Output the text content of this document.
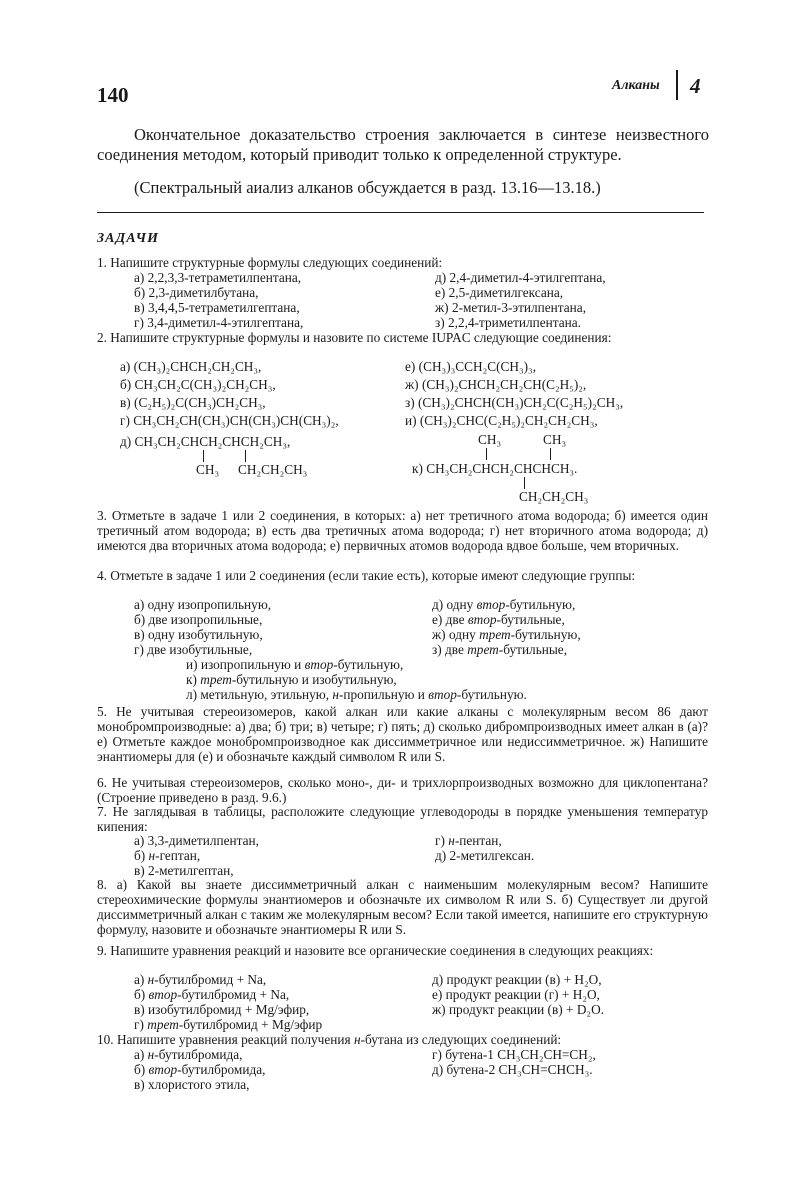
140	Алканы 4
Окончательное доказательство строения заключается в синтезе неизвестного соединения методом, который приводит только к определенной структуре.
(Спектральный аиализ алканов обсуждается в разд. 13.16—13.18.)
ЗАДАЧИ
1. Напишите структурные формулы следующих соединений:
а) 2,2,3,3-тетраметилпентана,
б) 2,3-диметилбутана,
в) 3,4,4,5-тетраметилгептана,
г) 3,4-диметил-4-этилгептана,
д) 2,4-диметил-4-этилгептана,
е) 2,5-диметилгексана,
ж) 2-метил-3-этилпентана,
з) 2,2,4-триметилпентана.
2. Напишите структурные формулы и назовите по системе IUPAC следующие соединения:
а) (CH₃)₂CHCH₂CH₂CH₃,
б) CH₃CH₂C(CH₃)₂CH₂CH₃,
в) (C₂H₅)₂C(CH₃)CH₂CH₃,
г) CH₃CH₂CH(CH₃)CH(CH₃)CH(CH₃)₂,
д) CH₃CH₂CHCH₂CHCH₂CH₃,
CH₃ CH₂CH₂CH₃
е) (CH₃)₃CCH₂C(CH₃)₃,
ж) (CH₃)₂CHCH₂CH₂CH(C₂H₅)₂,
з) (CH₃)₂CHCH(CH₃)CH₂C(C₂H₅)₂CH₃,
и) (CH₃)₂CHC(C₂H₅)₂CH₂CH₂CH₃,
CH₃	CH₃
к) CH₃CH₂CHCH₂CHCHCH₃.
CH₂CH₂CH₃
3. Отметьте в задаче 1 или 2 соединения, в которых: а) нет третичного атома водорода; б) имеется один третичный атом водорода; в) есть два третичных атома водорода; г) нет вторичного атома водорода; д) имеются два вторичных атома водорода; е) первичных атомов водорода вдвое больше, чем вторичных.
4. Отметьте в задаче 1 или 2 соединения (если такие есть), которые имеют следующие группы:
а) одну изопропильную,
б) две изопропильные,
в) одну изобутильную,
г) две изобутильные,
д) одну втор-бутильную,
е) две втор-бутильные,
ж) одну трет-бутильную,
з) две трет-бутильные,
и) изопропильную и втор-бутильную,
к) трет-бутильную и изобутильную,
л) метильную, этильную, н-пропильную и втор-бутильную.
5. Не учитывая стереоизомеров, какой алкан или какие алканы с молекулярным весом 86 дают монобромпроизводные: а) два; б) три; в) четыре; г) пять; д) сколько дибромпроизводных имеет алкан в (а)? е) Отметьте каждое монобромпроизводное как диссимметричное или недиссимметричное. ж) Напишите энантиомеры для (е) и обозначьте каждый символом R или S.
6. Не учитывая стереоизомеров, сколько моно-, ди- и трихлорпроизводных возможно для циклопентана? (Строение приведено в разд. 9.6.)
7. Не заглядывая в таблицы, расположите следующие углеводороды в порядке уменьшения температур кипения:
а) 3,3-диметилпентан,
б) н-гептан,
в) 2-метилгептан,
г) н-пентан,
д) 2-метилгексан.
8. а) Какой вы знаете диссимметричный алкан с наименьшим молекулярным весом? Напишите стереохимические формулы энантиомеров и обозначьте их символом R или S. б) Существует ли другой диссимметричный алкан с таким же молекулярным весом? Если такой имеется, напишите его структурную формулу, назовите и обозначьте энантиомеры R или S.
9. Напишите уравнения реакций и назовите все органические соединения в следующих реакциях:
а) н-бутилбромид + Na,
б) втор-бутилбромид + Na,
в) изобутилбромид + Mg/эфир,
г) трет-бутилбромид + Mg/эфир
д) продукт реакции (в) + H₂O,
е) продукт реакции (г) + H₂O,
ж) продукт реакции (в) + D₂O.
10. Напишите уравнения реакций получения н-бутана из следующих соединений:
а) н-бутилбромида,
б) втор-бутилбромида,
в) хлористого этила,
г) бутена-1 CH₃CH₂CH=CH₂,
д) бутена-2 CH₃CH=CHCH₃.
